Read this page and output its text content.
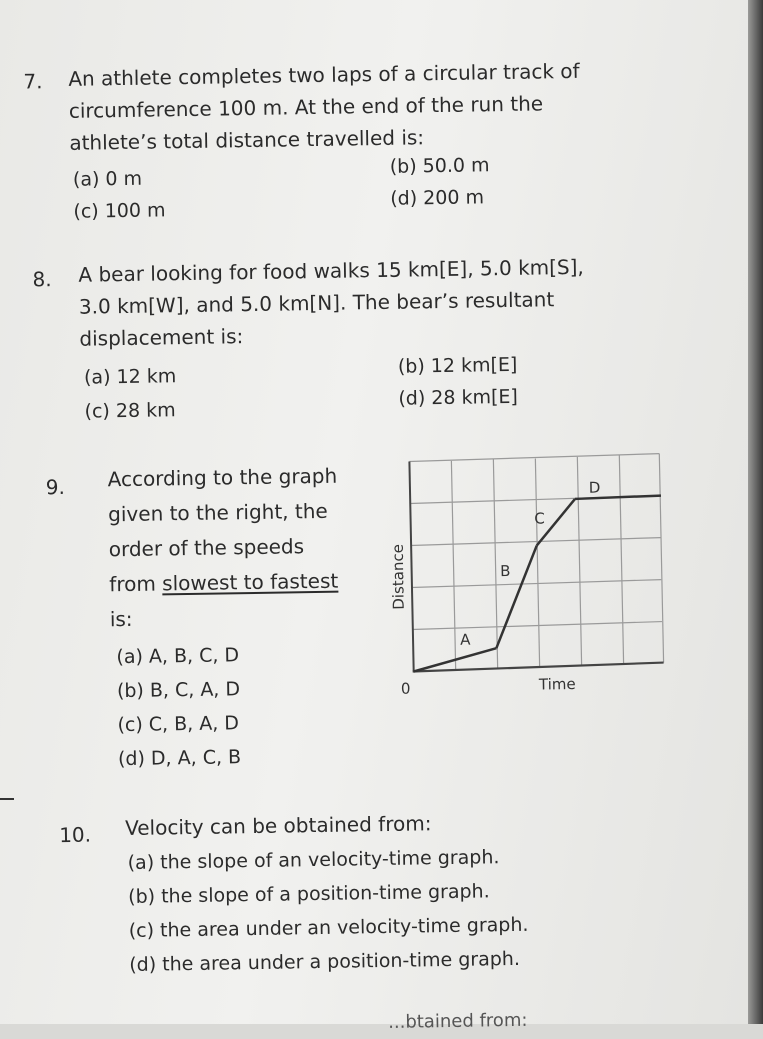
7. An athlete completes two laps of a circular track of
circumference 100 m. At the end of the run the
athlete’s total distance travelled is:
(a) 0 m
(b) 50.0 m
(c) 100 m
(d) 200 m
8. A bear looking for food walks 15 km[E], 5.0 km[S],
3.0 km[W], and 5.0 km[N]. The bear’s resultant
displacement is:
(a) 12 km	(b) 12 km[E]
(c) 28 km
(d) 28 km[E]
9. According to the graph
given to the right, the
order of the speeds
from slowest to fastest
is:
(a) A, B, C, D
(b) B, C, A, D
(c) C, B, A, D
(d) D, A, C, B
A
B
C
D
Distance
Time
0
10. Velocity can be obtained from:
(a) the slope of an velocity-time graph.
(b) the slope of a position-time graph.
(c) the area under an velocity-time graph.
(d) the area under a position-time graph.
...btained from:
